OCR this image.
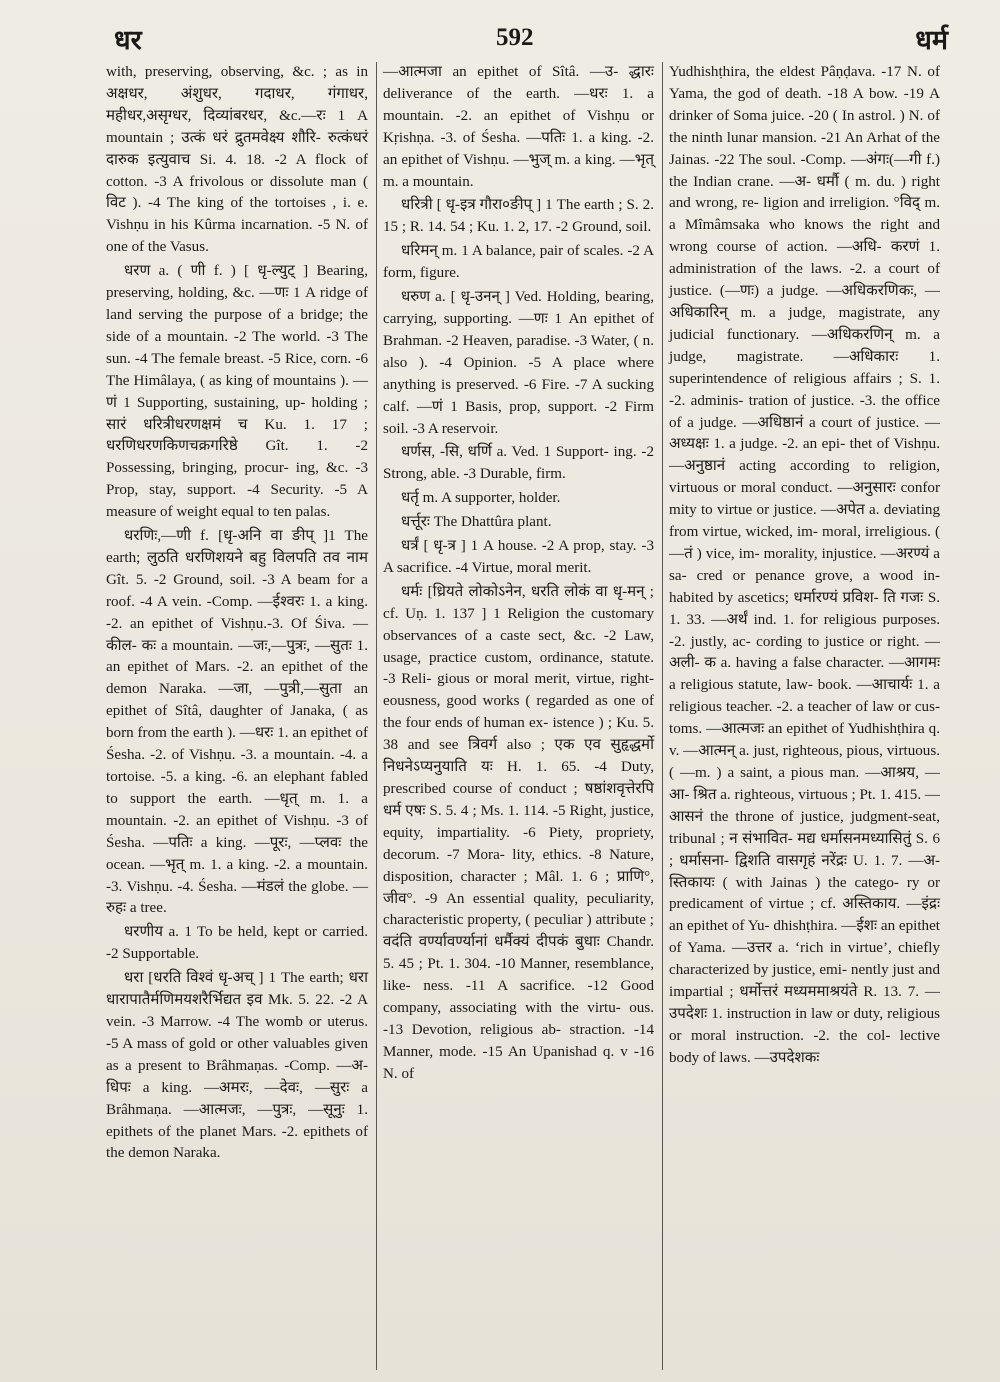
धर	592	धर्म

with, preserving, observing, &c. ; as in अक्षधर, अंशुधर, गदाधर, गंगाधर, महीधर,असृग्धर, दिव्यांबरधर, &c.—रः 1 A mountain ; उत्कं धरं द्रुतमवेक्ष्य शौरि- रुत्कंधरं दारुक इत्युवाच Si. 4. 18. -2 A flock of cotton. -3 A frivolous or dissolute man ( विट ). -4 The king of the tortoises , i. e. Vishṇu in his Kûrma incarnation. -5 N. of one of the Vasus.

धरण a. ( णी f. ) [ धृ-ल्युट् ] Bearing, preserving, holding, &c. —णः 1 A ridge of land serving the purpose of a bridge; the side of a mountain. -2 The world. -3 The sun. -4 The female breast. -5 Rice, corn. -6 The Himâlaya, ( as king of mountains ). —णं 1 Supporting, sustaining, up- holding ; सारं धरित्रीधरणक्षमं च Ku. 1. 17 ; धरणिधरणकिणचक्रगरिष्ठे Gît. 1. -2 Possessing, bringing, procur- ing, &c. -3 Prop, stay, support. -4 Security. -5 A measure of weight equal to ten palas.

धरणिः,—णी f. [धृ-अनि वा ङीप् ]1 The earth; लुठति धरणिशयने बहु विलपति तव नाम Gît. 5. -2 Ground, soil. -3 A beam for a roof. -4 A vein. -Comp. —ईश्वरः 1. a king. -2. an epithet of Vishṇu.-3. Of Śiva. —कील- कः a mountain. —जः,—पुत्रः, —सुतः 1. an epithet of Mars. -2. an epithet of the demon Naraka. —जा, —पुत्री,—सुता an epithet of Sîtâ, daughter of Janaka, ( as born from the earth ). —धरः 1. an epithet of Śesha. -2. of Vishṇu. -3. a mountain. -4. a tortoise. -5. a king. -6. an elephant fabled to support the earth. —धृत् m. 1. a mountain. -2. an epithet of Vishṇu. -3 of Śesha. —पतिः a king. —पूरः, —प्लवः the ocean. —भृत् m. 1. a king. -2. a mountain. -3. Vishṇu. -4. Śesha. —मंडलं the globe. —रुहः a tree.

धरणीय a. 1 To be held, kept or carried. -2 Supportable.

धरा [धरति विश्वं धृ-अच् ] 1 The earth; धरा धारापातैर्मणिमयशरैर्भिद्यत इव Mk. 5. 22. -2 A vein. -3 Marrow. -4 The womb or uterus. -5 A mass of gold or other valuables given as a present to Brâhmaṇas. -Comp. —अ- धिपः a king. —अमरः, —देवः, —सुरः a Brâhmaṇa. —आत्मजः, —पुत्रः, —सूनुः 1. epithets of the planet Mars. -2. epithets of the demon Naraka.

—आत्मजा an epithet of Sîtâ. —उ- द्धारः deliverance of the earth. —धरः 1. a mountain. -2. an epithet of Vishṇu or Kṛishṇa. -3. of Śesha. —पतिः 1. a king. -2. an epithet of Vishṇu. —भुज् m. a king. —भृत् m. a mountain.

धरित्री [ धृ-इत्र गौरा०ङीप् ] 1 The earth ; S. 2. 15 ; R. 14. 54 ; Ku. 1. 2, 17. -2 Ground, soil.

धरिमन् m. 1 A balance, pair of scales. -2 A form, figure.

धरुण a. [ धृ-उनन् ] Ved. Holding, bearing, carrying, supporting. —णः 1 An epithet of Brahman. -2 Heaven, paradise. -3 Water, ( n. also ). -4 Opinion. -5 A place where anything is preserved. -6 Fire. -7 A sucking calf. —णं 1 Basis, prop, support. -2 Firm soil. -3 A reservoir.

धर्णस, -सि, धर्णि a. Ved. 1 Support- ing. -2 Strong, able. -3 Durable, firm.

धर्तृ m. A supporter, holder.

धर्त्तूरः The Dhattûra plant.

धर्त्रं [ धृ-त्र ] 1 A house. -2 A prop, stay. -3 A sacrifice. -4 Virtue, moral merit.

धर्मः [ध्रियते लोकोऽनेन, धरति लोकं वा धृ-मन् ; cf. Uṇ. 1. 137 ] 1 Religion the customary observances of a caste sect, &c. -2 Law, usage, practice custom, ordinance, statute. -3 Reli- gious or moral merit, virtue, right- eousness, good works ( regarded as one of the four ends of human ex- istence ) ; Ku. 5. 38 and see त्रिवर्ग also ; एक एव सुहृद्धर्मो निधनेऽप्यनुयाति यः H. 1. 65. -4 Duty, prescribed course of conduct ; षष्ठांशवृत्तेरपि धर्म एषः S. 5. 4 ; Ms. 1. 114. -5 Right, justice, equity, impartiality. -6 Piety, propriety, decorum. -7 Mora- lity, ethics. -8 Nature, disposition, character ; Mâl. 1. 6 ; प्राणि°, जीव°. -9 An essential quality, peculiarity, characteristic property, ( peculiar ) attribute ; वदंति वर्ण्यावर्ण्यानां धर्मैक्यं दीपकं बुधाः Chandr. 5. 45 ; Pt. 1. 304. -10 Manner, resemblance, like- ness. -11 A sacrifice. -12 Good company, associating with the virtu- ous. -13 Devotion, religious ab- straction. -14 Manner, mode. -15 An Upanishad q. v -16 N. of

Yudhishṭhira, the eldest Pâṇḍava. -17 N. of Yama, the god of death. -18 A bow. -19 A drinker of Soma juice. -20 ( In astrol. ) N. of the ninth lunar mansion. -21 An Arhat of the Jainas. -22 The soul. -Comp. —अंगः(—गी f.) the Indian crane. —अ- धर्मौ ( m. du. ) right and wrong, re- ligion and irreligion. °विद् m. a Mîmâmsaka who knows the right and wrong course of action. —अधि- करणं 1. administration of the laws. -2. a court of justice. (—णः) a judge. —अधिकरणिकः, —अधिकारिन् m. a judge, magistrate, any judicial functionary. —अधिकरणिन् m. a judge, magistrate. —अधिकारः 1. superintendence of religious affairs ; S. 1. -2. adminis- tration of justice. -3. the office of a judge. —अधिष्ठानं a court of justice. —अध्यक्षः 1. a judge. -2. an epi- thet of Vishṇu. —अनुष्ठानं acting according to religion, virtuous or moral conduct. —अनुसारः confor mity to virtue or justice. —अपेत a. deviating from virtue, wicked, im- moral, irreligious. ( —तं ) vice, im- morality, injustice. —अरण्यं a sa- cred or penance grove, a wood in- habited by ascetics; धर्मारण्यं प्रविश- ति गजः S. 1. 33. —अर्थं ind. 1. for religious purposes. -2. justly, ac- cording to justice or right. —अली- क a. having a false character. —आगमः a religious statute, law- book. —आचार्यः 1. a religious teacher. -2. a teacher of law or cus- toms. —आत्मजः an epithet of Yudhishṭhira q. v. —आत्मन् a. just, righteous, pious, virtuous. ( —m. ) a saint, a pious man. —आश्रय, —आ- श्रित a. righteous, virtuous ; Pt. 1. 415. —आसनं the throne of justice, judgment-seat, tribunal ; न संभावित- मद्य धर्मासनमध्यासितुं S. 6 ; धर्मासना- द्विशति वासगृहं नरेंद्रः U. 1. 7. —अ- स्तिकायः ( with Jainas ) the catego- ry or predicament of virtue ; cf. अस्तिकाय. —इंद्रः an epithet of Yu- dhishṭhira. —ईशः an epithet of Yama. —उत्तर a. ‘rich in virtue’, chiefly characterized by justice, emi- nently just and impartial ; धर्मोत्तरं मध्यममाश्रयंते R. 13. 7. —उपदेशः 1. instruction in law or duty, religious or moral instruction. -2. the col- lective body of laws. —उपदेशकः
